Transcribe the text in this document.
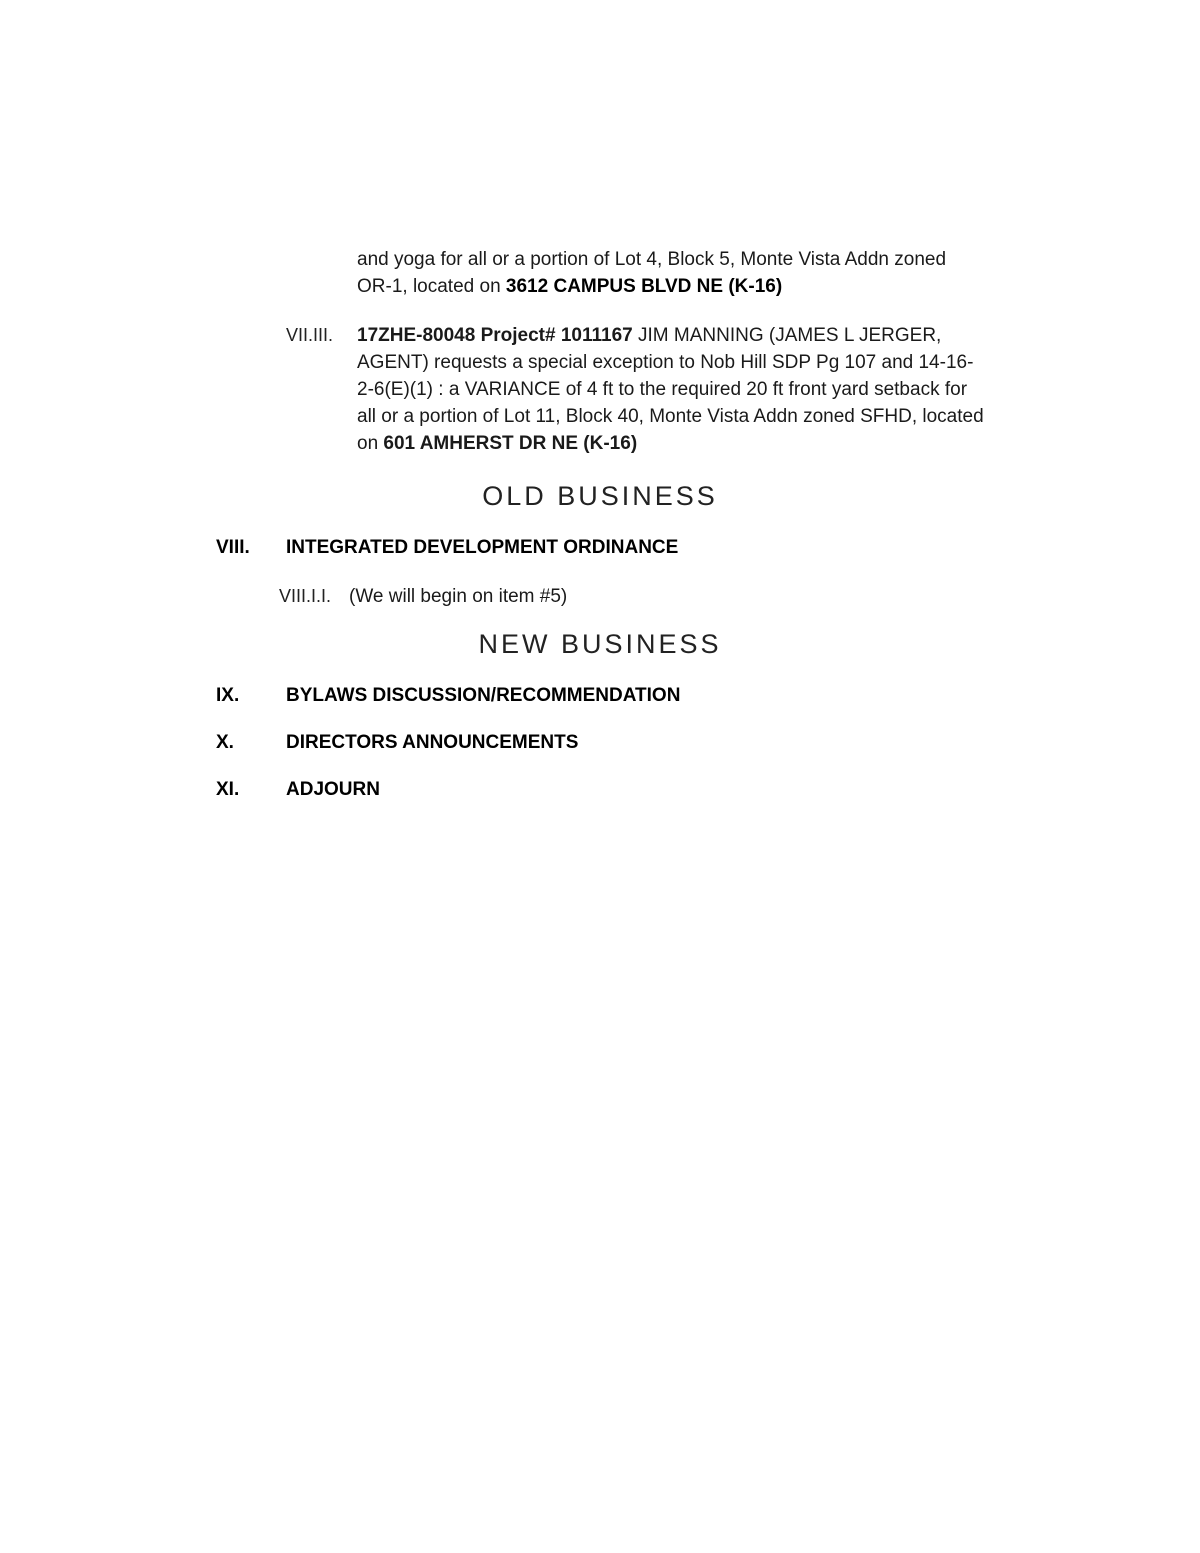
and yoga for all or a portion of Lot 4, Block 5, Monte Vista Addn zoned
OR-1, located on 3612 CAMPUS BLVD NE (K-16)
VII.III. 17ZHE-80048 Project# 1011167 JIM MANNING (JAMES L JERGER, AGENT) requests a special exception to Nob Hill SDP Pg 107 and 14-16-2-6(E)(1) : a VARIANCE of 4 ft to the required 20 ft front yard setback for all or a portion of Lot 11, Block 40, Monte Vista Addn zoned SFHD, located on 601 AMHERST DR NE (K-16)
OLD BUSINESS
VIII. INTEGRATED DEVELOPMENT ORDINANCE
VIII.I.I. (We will begin on item #5)
NEW BUSINESS
IX. BYLAWS DISCUSSION/RECOMMENDATION
X.	DIRECTORS ANNOUNCEMENTS
XI. ADJOURN
